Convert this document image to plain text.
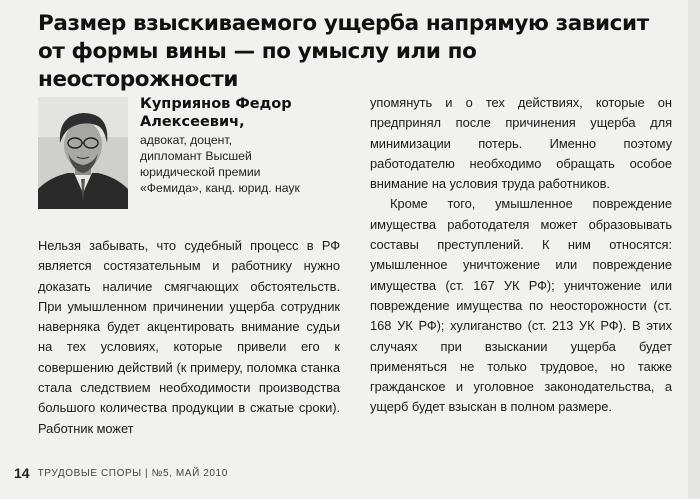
Размер взыскиваемого ущерба напрямую зависит
от формы вины — по умыслу или по неосторожности
Куприянов Федор
Алексеевич,
адвокат, доцент,
дипломант Высшей
юридической премии
«Фемида», канд. юрид. наук

Нельзя забывать, что судебный процесс в РФ является состязательным и работнику нужно доказать наличие смягчающих обстоятельств. При умышленном причинении ущерба сотрудник наверняка будет акцентировать внимание судьи на тех условиях, которые привели его к совершению действий (к примеру, поломка станка стала следствием необходимости производства большого количества продукции в сжатые сроки). Работник может

упомянуть и о тех действиях, которые он предпринял после причинения ущерба для минимизации потерь. Именно поэтому работодателю необходимо обращать особое внимание на условия труда работников.

Кроме того, умышленное повреждение имущества работодателя может образовывать составы преступлений. К ним относятся: умышленное уничтожение или повреждение имущества (ст. 167 УК РФ); уничтожение или повреждение имущества по неосторожности (ст. 168 УК РФ); хулиганство (ст. 213 УК РФ). В этих случаях при взыскании ущерба будет применяться не только трудовое, но также гражданское и уголовное законодательства, а ущерб будет взыскан в полном размере.

14 ТРУДОВЫЕ СПОРЫ | №5, МАЙ 2010
